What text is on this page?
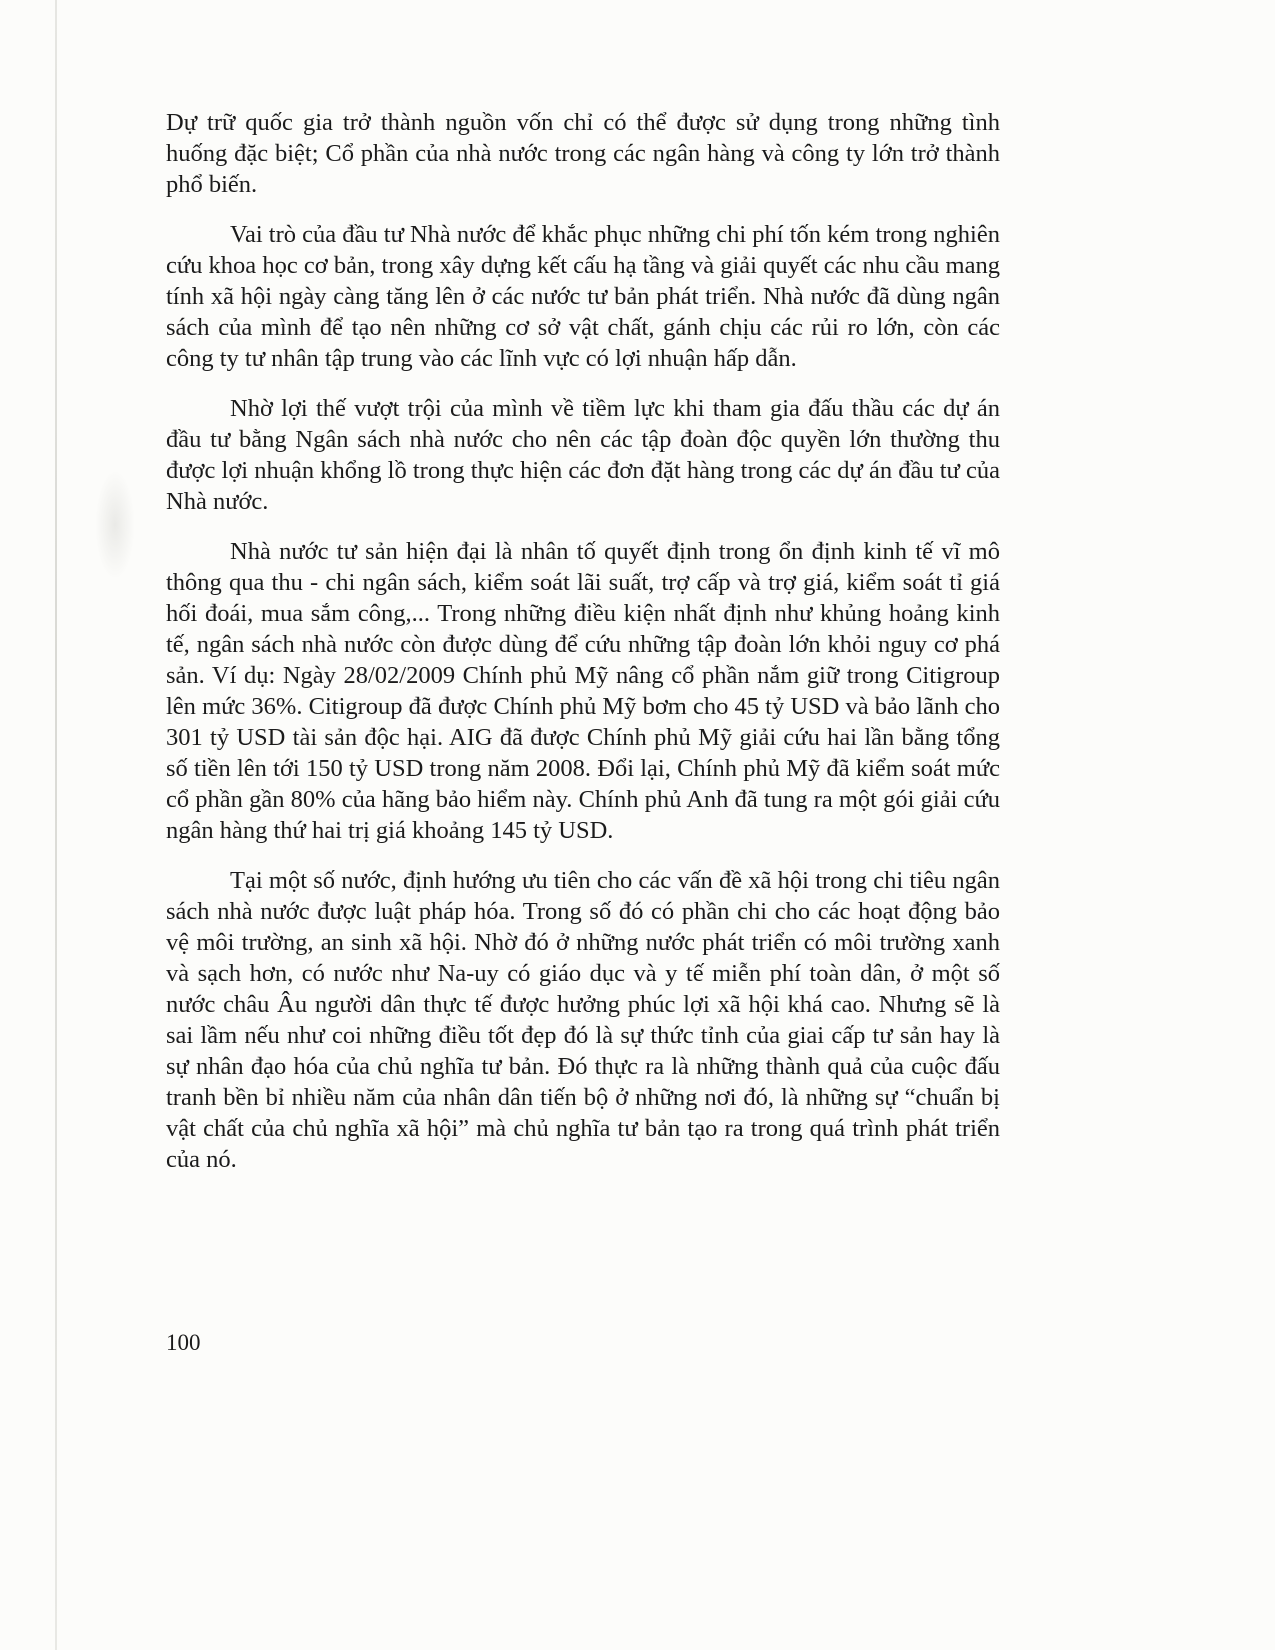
Dự trữ quốc gia trở thành nguồn vốn chỉ có thể được sử dụng trong những tình huống đặc biệt; Cổ phần của nhà nước trong các ngân hàng và công ty lớn trở thành phổ biến.

Vai trò của đầu tư Nhà nước để khắc phục những chi phí tốn kém trong nghiên cứu khoa học cơ bản, trong xây dựng kết cấu hạ tầng và giải quyết các nhu cầu mang tính xã hội ngày càng tăng lên ở các nước tư bản phát triển. Nhà nước đã dùng ngân sách của mình để tạo nên những cơ sở vật chất, gánh chịu các rủi ro lớn, còn các công ty tư nhân tập trung vào các lĩnh vực có lợi nhuận hấp dẫn.

Nhờ lợi thế vượt trội của mình về tiềm lực khi tham gia đấu thầu các dự án đầu tư bằng Ngân sách nhà nước cho nên các tập đoàn độc quyền lớn thường thu được lợi nhuận khổng lồ trong thực hiện các đơn đặt hàng trong các dự án đầu tư của Nhà nước.

Nhà nước tư sản hiện đại là nhân tố quyết định trong ổn định kinh tế vĩ mô thông qua thu - chi ngân sách, kiểm soát lãi suất, trợ cấp và trợ giá, kiểm soát tỉ giá hối đoái, mua sắm công,... Trong những điều kiện nhất định như khủng hoảng kinh tế, ngân sách nhà nước còn được dùng để cứu những tập đoàn lớn khỏi nguy cơ phá sản. Ví dụ: Ngày 28/02/2009 Chính phủ Mỹ nâng cổ phần nắm giữ trong Citigroup lên mức 36%. Citigroup đã được Chính phủ Mỹ bơm cho 45 tỷ USD và bảo lãnh cho 301 tỷ USD tài sản độc hại. AIG đã được Chính phủ Mỹ giải cứu hai lần bằng tổng số tiền lên tới 150 tỷ USD trong năm 2008. Đổi lại, Chính phủ Mỹ đã kiểm soát mức cổ phần gần 80% của hãng bảo hiểm này. Chính phủ Anh đã tung ra một gói giải cứu ngân hàng thứ hai trị giá khoảng 145 tỷ USD.

Tại một số nước, định hướng ưu tiên cho các vấn đề xã hội trong chi tiêu ngân sách nhà nước được luật pháp hóa. Trong số đó có phần chi cho các hoạt động bảo vệ môi trường, an sinh xã hội. Nhờ đó ở những nước phát triển có môi trường xanh và sạch hơn, có nước như Na-uy có giáo dục và y tế miễn phí toàn dân, ở một số nước châu Âu người dân thực tế được hưởng phúc lợi xã hội khá cao. Nhưng sẽ là sai lầm nếu như coi những điều tốt đẹp đó là sự thức tỉnh của giai cấp tư sản hay là sự nhân đạo hóa của chủ nghĩa tư bản. Đó thực ra là những thành quả của cuộc đấu tranh bền bỉ nhiều năm của nhân dân tiến bộ ở những nơi đó, là những sự “chuẩn bị vật chất của chủ nghĩa xã hội” mà chủ nghĩa tư bản tạo ra trong quá trình phát triển của nó.

100
